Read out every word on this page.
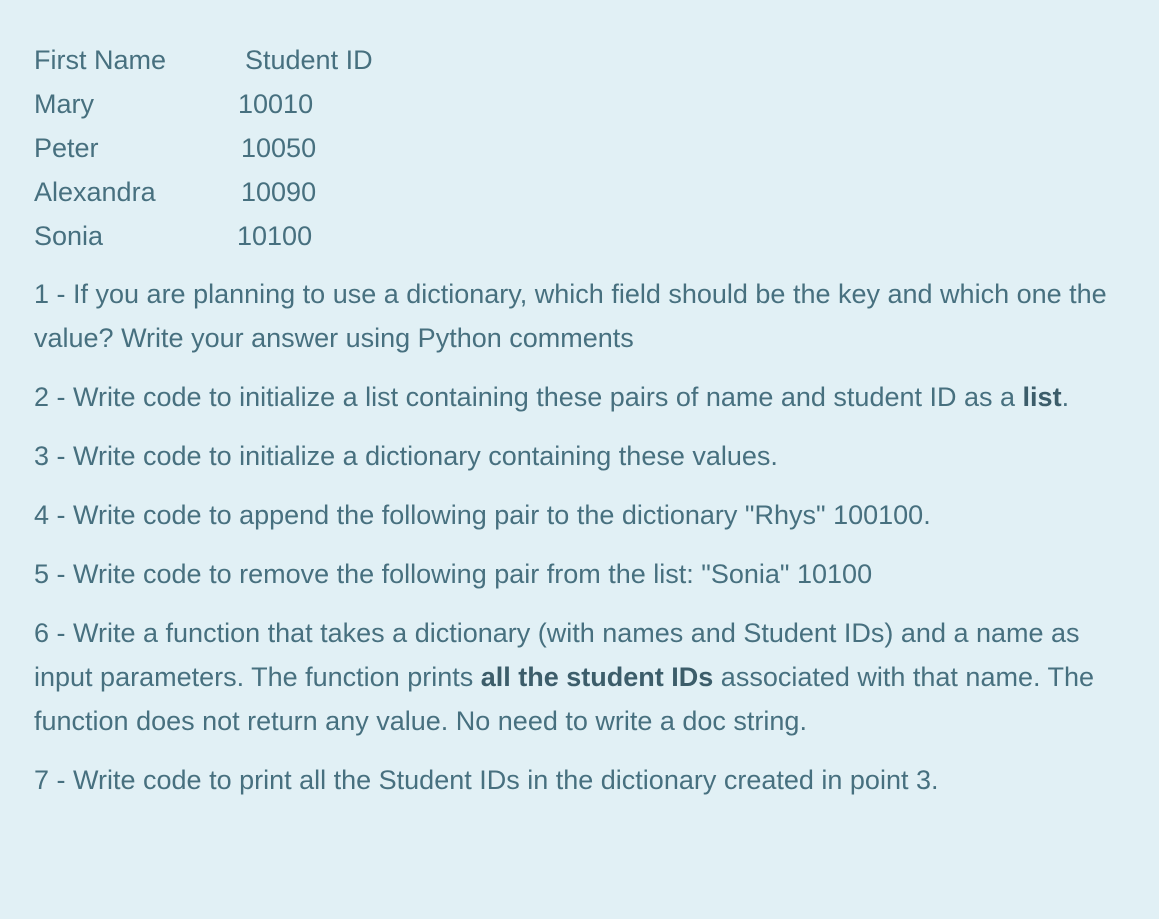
First Name	Student ID
Mary	10010
Peter	10050
Alexandra	10090
Sonia	10100

1 - If you are planning to use a dictionary, which field should be the key and which one the value? Write your answer using Python comments

2 - Write code to initialize a list containing these pairs of name and student ID as a list.

3 - Write code to initialize a dictionary containing these values.

4 - Write code to append the following pair to the dictionary "Rhys" 100100.

5 - Write code to remove the following pair from the list: "Sonia" 10100

6 - Write a function that takes a dictionary (with names and Student IDs) and a name as input parameters. The function prints all the student IDs associated with that name. The function does not return any value. No need to write a doc string.

7 - Write code to print all the Student IDs in the dictionary created in point 3.
